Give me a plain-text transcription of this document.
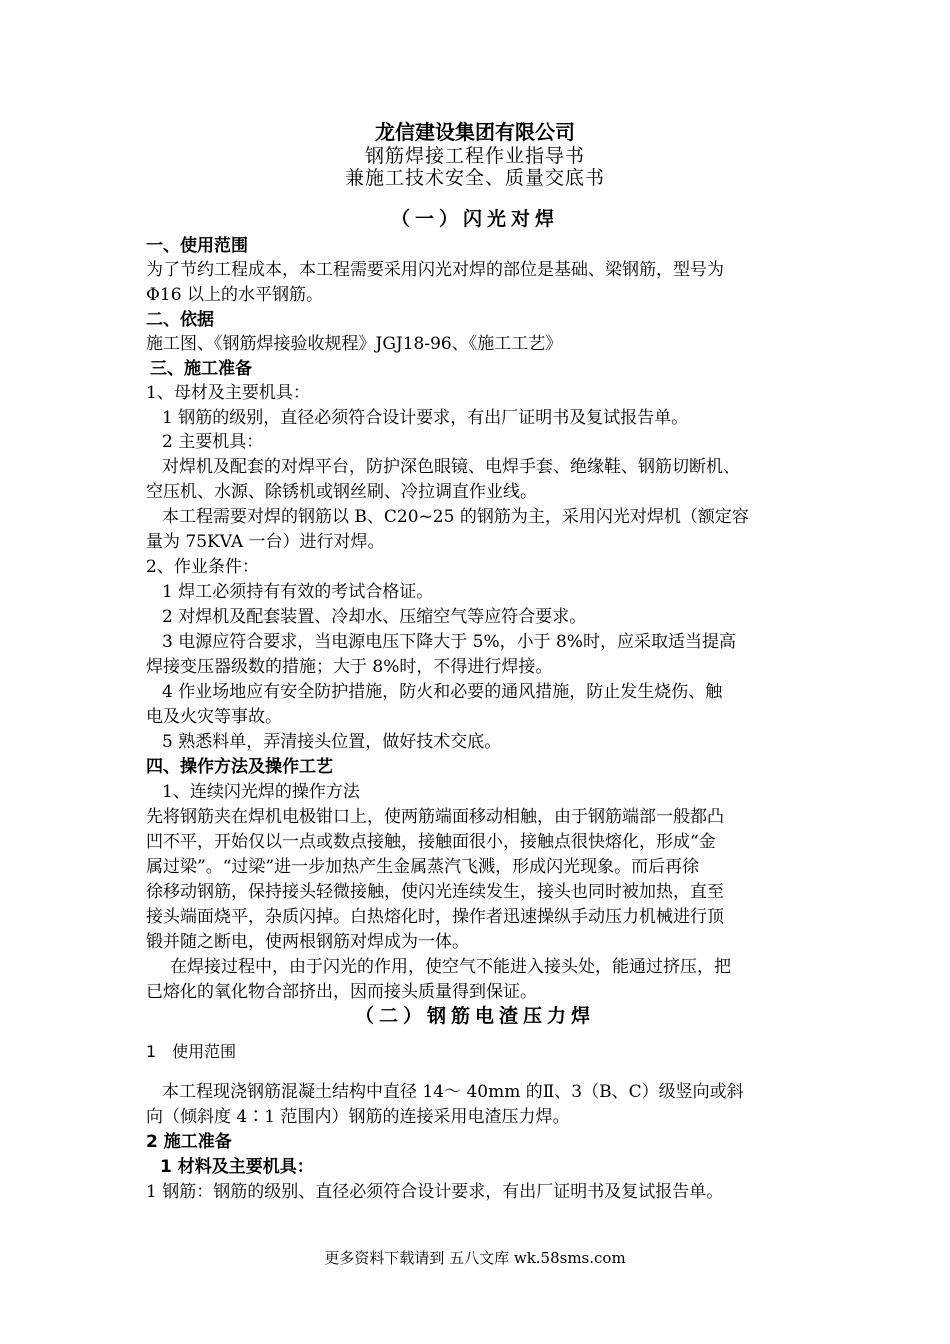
龙信建设集团有限公司
钢筋焊接工程作业指导书
兼施工技术安全、质量交底书
（一）闪光对焊
一、使用范围
为了节约工程成本，本工程需要采用闪光对焊的部位是基础、梁钢筋，型号为
Φ16 以上的水平钢筋。
二、依据
施工图、《钢筋焊接验收规程》JGJ18-96、《施工工艺》
三、施工准备
1、母材及主要机具：
1 钢筋的级别，直径必须符合设计要求，有出厂证明书及复试报告单。
2 主要机具：
对焊机及配套的对焊平台，防护深色眼镜、电焊手套、绝缘鞋、钢筋切断机、
空压机、水源、除锈机或钢丝刷、冷拉调直作业线。
本工程需要对焊的钢筋以 B、C20~25 的钢筋为主，采用闪光对焊机（额定容
量为 75KVA 一台）进行对焊。
2、作业条件：
1 焊工必须持有有效的考试合格证。
2 对焊机及配套装置、冷却水、压缩空气等应符合要求。
3 电源应符合要求，当电源电压下降大于 5%，小于 8%时，应采取适当提高
焊接变压器级数的措施；大于 8%时，不得进行焊接。
4 作业场地应有安全防护措施，防火和必要的通风措施，防止发生烧伤、触
电及火灾等事故。
5 熟悉料单，弄清接头位置，做好技术交底。
四、操作方法及操作工艺
1、连续闪光焊的操作方法
先将钢筋夹在焊机电极钳口上，使两筋端面移动相触，由于钢筋端部一般都凸
凹不平，开始仅以一点或数点接触，接触面很小，接触点很快熔化，形成“金
属过梁”。“过梁”进一步加热产生金属蒸汽飞溅，形成闪光现象。而后再徐
徐移动钢筋，保持接头轻微接触，使闪光连续发生，接头也同时被加热，直至
接头端面烧平，杂质闪掉。白热熔化时，操作者迅速操纵手动压力机械进行顶
锻并随之断电，使两根钢筋对焊成为一体。
在焊接过程中，由于闪光的作用，使空气不能进入接头处，能通过挤压，把
已熔化的氧化物合部挤出，因而接头质量得到保证。
（二）钢筋电渣压力焊
1　使用范围
本工程现浇钢筋混凝土结构中直径 14～ 40mm 的Ⅱ、3（B、C）级竖向或斜
向（倾斜度 4∶1 范围内）钢筋的连接采用电渣压力焊。
2 施工准备
1 材料及主要机具：
1 钢筋：钢筋的级别、直径必须符合设计要求，有出厂证明书及复试报告单。
更多资料下载请到 五八文库 wk.58sms.com
